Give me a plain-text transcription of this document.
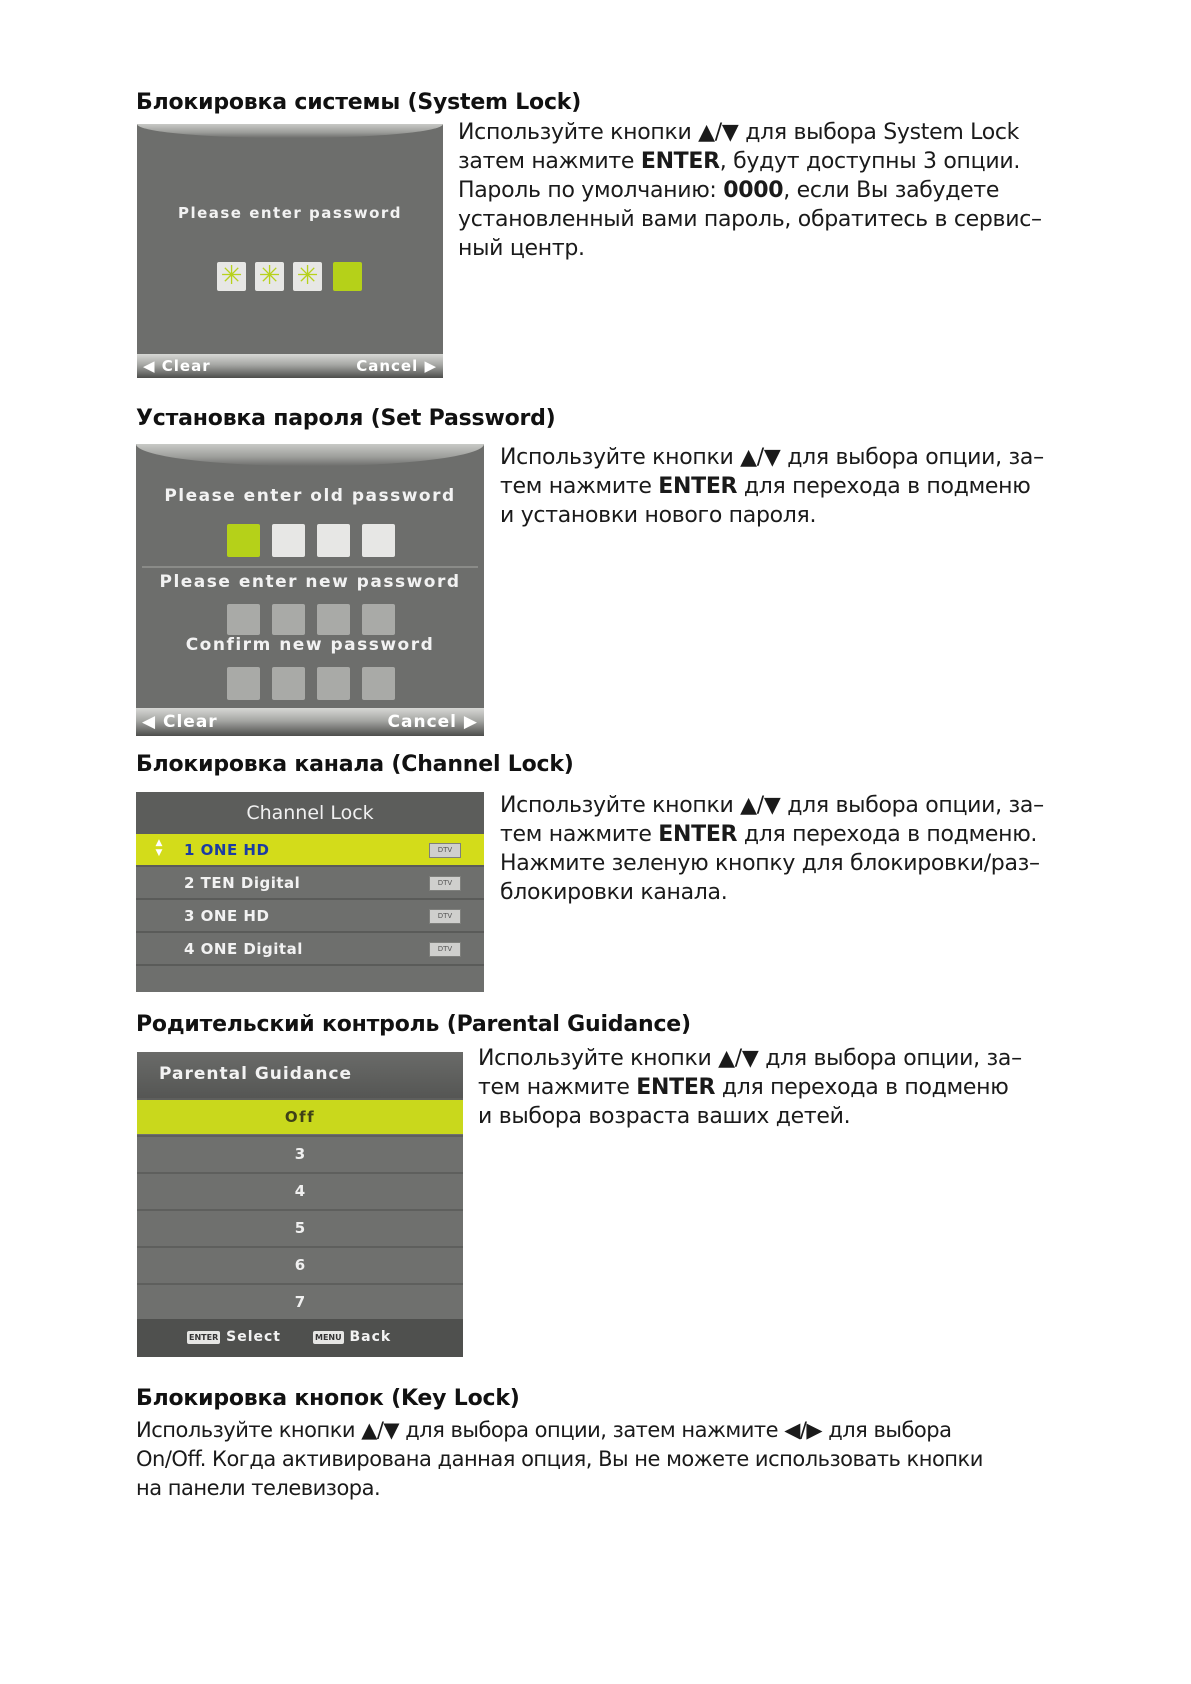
Блокировка системы (System Lock)
Please enter password
✳ ✳ ✳
◀ Clear	Cancel ▶
Используйте кнопки ▲/▼ для выбора System Lock
затем нажмите ENTER, будут доступны 3 опции.
Пароль по умолчанию: 0000, если Вы забудете
установленный вами пароль, обратитесь в сервис–
ный центр.
Установка пароля (Set Password)
Please enter old password
Please enter new password
Confirm new password
◀ Clear	Cancel ▶
Используйте кнопки ▲/▼ для выбора опции, за–
тем нажмите ENTER для перехода в подменю
и установки нового пароля.
Блокировка канала (Channel Lock)
Channel Lock
▲▼ 1 ONE HD	DTV
2 TEN Digital	DTV
3 ONE HD	DTV
4 ONE Digital	DTV
Используйте кнопки ▲/▼ для выбора опции, за–
тем нажмите ENTER для перехода в подменю.
Нажмите зеленую кнопку для блокировки/раз–
блокировки канала.
Родительский контроль (Parental Guidance)
Parental Guidance
Off
3
4
5
6
7
ENTER Select	MENU Back
Используйте кнопки ▲/▼ для выбора опции, за–
тем нажмите ENTER для перехода в подменю
и выбора возраста ваших детей.
Блокировка кнопок (Key Lock)
Используйте кнопки ▲/▼ для выбора опции, затем нажмите ◀/▶ для выбора
On/Off. Когда активирована данная опция, Вы не можете использовать кнопки
на панели телевизора.
